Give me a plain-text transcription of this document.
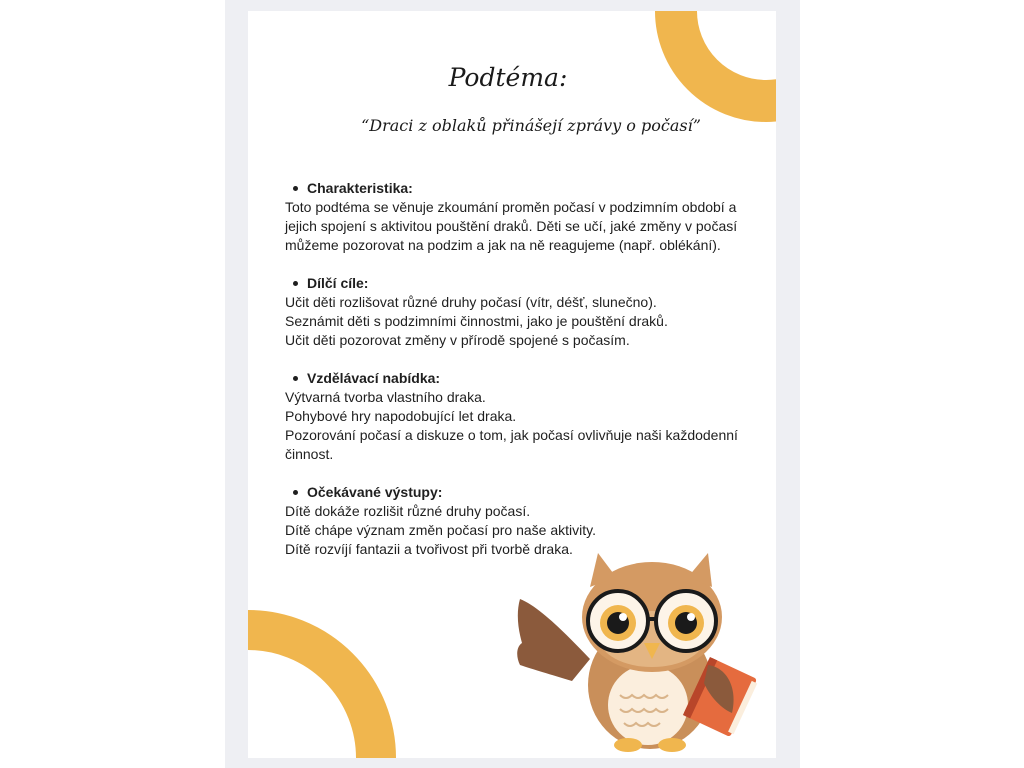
Podtéma:
“Draci z oblaků přinášejí zprávy o počasí”
Charakteristika:
Toto podtéma se věnuje zkoumání proměn počasí v podzimním období a
jejich spojení s aktivitou pouštění draků. Děti se učí, jaké změny v počasí
můžeme pozorovat na podzim a jak na ně reagujeme (např. oblékání).
Dílčí cíle:
Učit děti rozlišovat různé druhy počasí (vítr, déšť, slunečno).
Seznámit děti s podzimními činnostmi, jako je pouštění draků.
Učit děti pozorovat změny v přírodě spojené s počasím.
Vzdělávací nabídka:
Výtvarná tvorba vlastního draka.
Pohybové hry napodobující let draka.
Pozorování počasí a diskuze o tom, jak počasí ovlivňuje naši každodenní
činnost.
Očekávané výstupy:
Dítě dokáže rozlišit různé druhy počasí.
Dítě chápe význam změn počasí pro naše aktivity.
Dítě rozvíjí fantazii a tvořivost při tvorbě draka.
